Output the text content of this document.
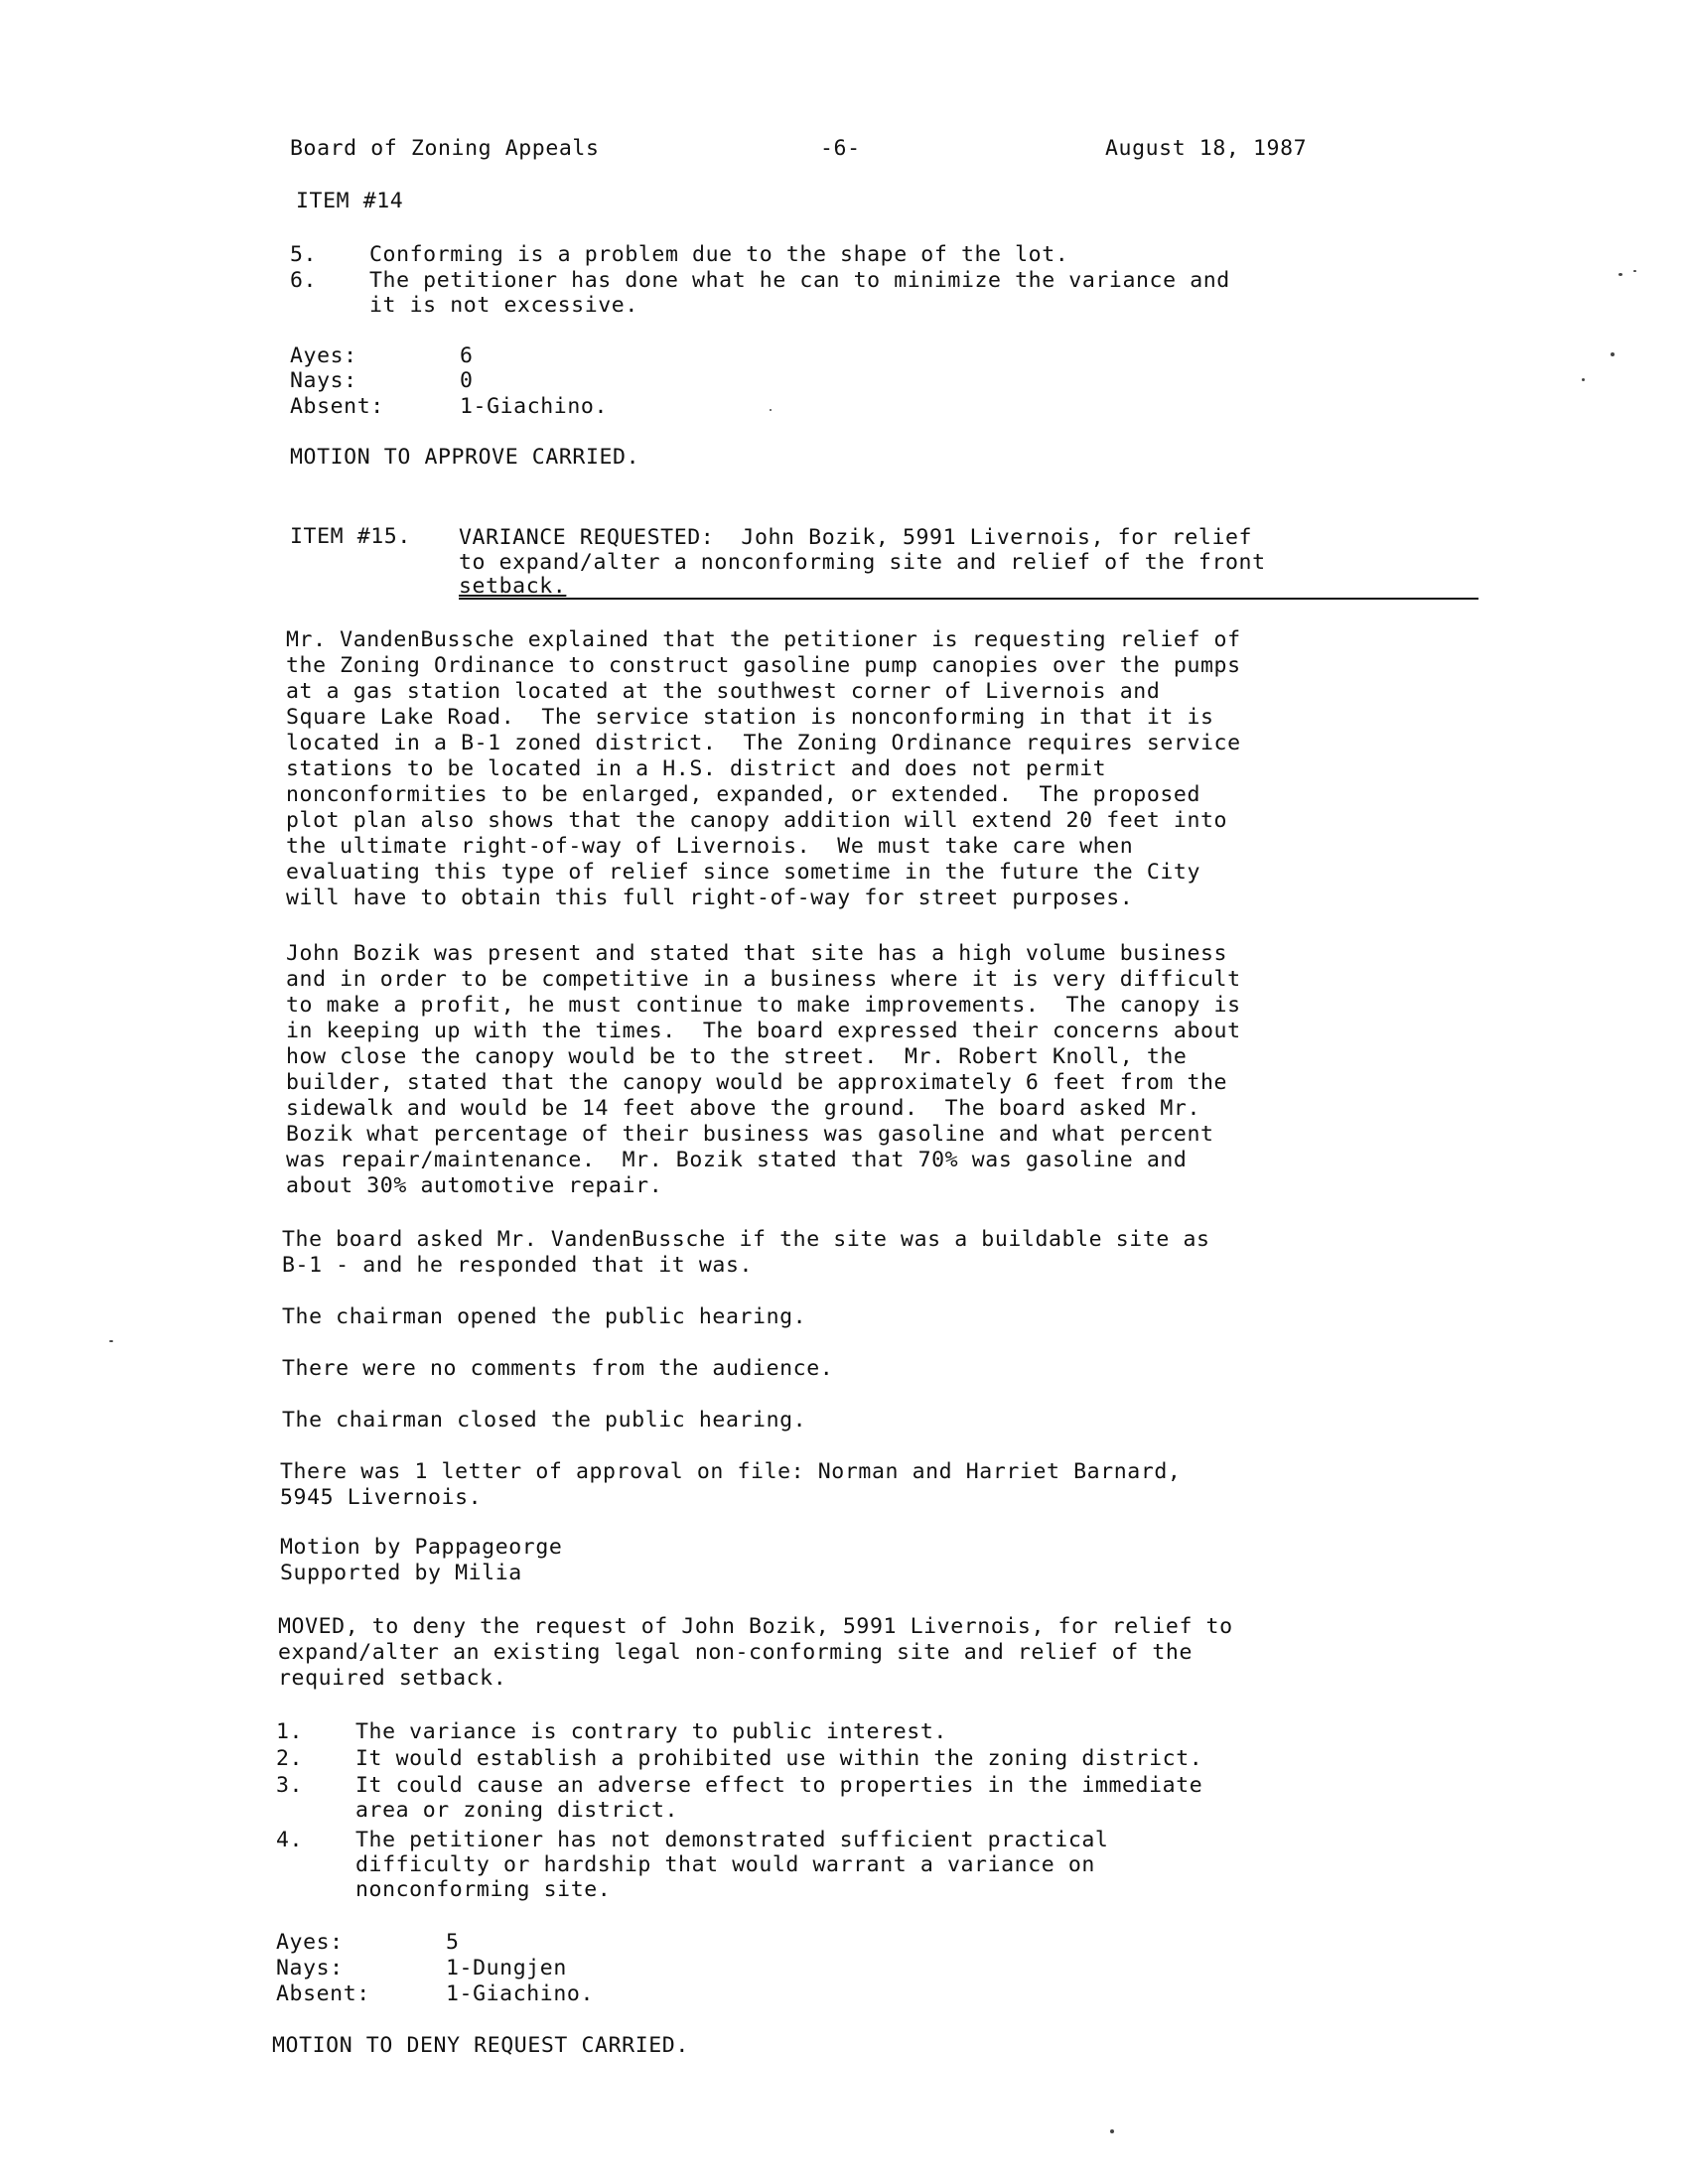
Board of Zoning Appeals	-6-	August 18, 1987
ITEM #14
5. Conforming is a problem due to the shape of the lot.
6. The petitioner has done what he can to minimize the variance and
it is not excessive.
Ayes:	6
Nays:	0
Absent:	1-Giachino.
MOTION TO APPROVE CARRIED.
ITEM #15. VARIANCE REQUESTED:  John Bozik, 5991 Livernois, for relief
to expand/alter a nonconforming site and relief of the front
setback.
Mr. VandenBussche explained that the petitioner is requesting relief of
the Zoning Ordinance to construct gasoline pump canopies over the pumps
at a gas station located at the southwest corner of Livernois and
Square Lake Road.  The service station is nonconforming in that it is
located in a B-1 zoned district.  The Zoning Ordinance requires service
stations to be located in a H.S. district and does not permit
nonconformities to be enlarged, expanded, or extended.  The proposed
plot plan also shows that the canopy addition will extend 20 feet into
the ultimate right-of-way of Livernois.  We must take care when
evaluating this type of relief since sometime in the future the City
will have to obtain this full right-of-way for street purposes.
John Bozik was present and stated that site has a high volume business
and in order to be competitive in a business where it is very difficult
to make a profit, he must continue to make improvements.  The canopy is
in keeping up with the times.  The board expressed their concerns about
how close the canopy would be to the street.  Mr. Robert Knoll, the
builder, stated that the canopy would be approximately 6 feet from the
sidewalk and would be 14 feet above the ground.  The board asked Mr.
Bozik what percentage of their business was gasoline and what percent
was repair/maintenance.  Mr. Bozik stated that 70% was gasoline and
about 30% automotive repair.
The board asked Mr. VandenBussche if the site was a buildable site as
B-1 - and he responded that it was.
The chairman opened the public hearing.
There were no comments from the audience.
The chairman closed the public hearing.
There was 1 letter of approval on file: Norman and Harriet Barnard,
5945 Livernois.
Motion by Pappageorge
Supported by Milia
MOVED, to deny the request of John Bozik, 5991 Livernois, for relief to
expand/alter an existing legal non-conforming site and relief of the
required setback.
1. The variance is contrary to public interest.
2. It would establish a prohibited use within the zoning district.
3. It could cause an adverse effect to properties in the immediate
area or zoning district.
4. The petitioner has not demonstrated sufficient practical
difficulty or hardship that would warrant a variance on
nonconforming site.
Ayes:	5
Nays:	1-Dungjen
Absent:	1-Giachino.
MOTION TO DENY REQUEST CARRIED.
